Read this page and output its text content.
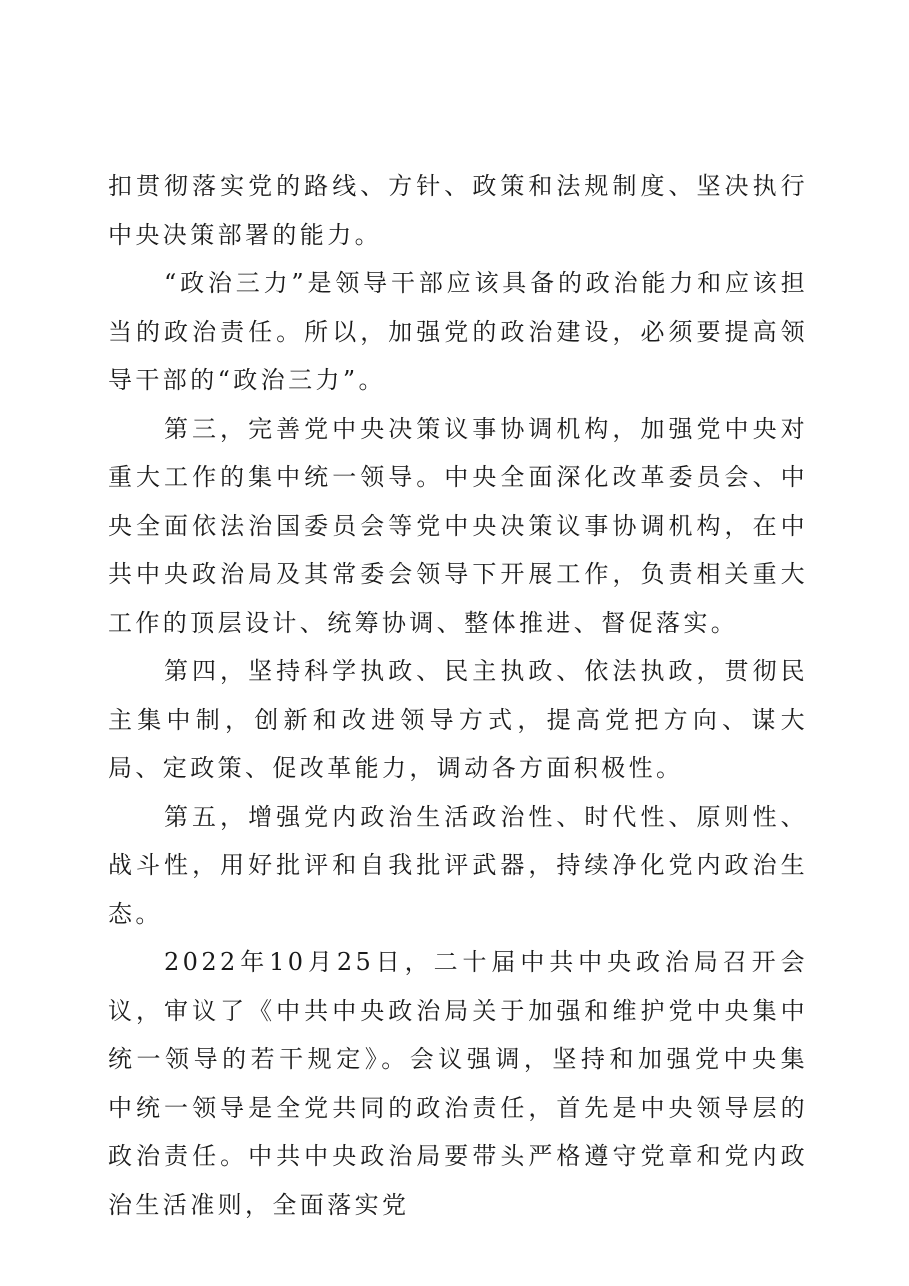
扣贯彻落实党的路线、方针、政策和法规制度、坚决执行中央决策部署的能力。

“政治三力”是领导干部应该具备的政治能力和应该担当的政治责任。所以，加强党的政治建设，必须要提高领导干部的“政治三力”。

第三，完善党中央决策议事协调机构，加强党中央对重大工作的集中统一领导。中央全面深化改革委员会、中央全面依法治国委员会等党中央决策议事协调机构，在中共中央政治局及其常委会领导下开展工作，负责相关重大工作的顶层设计、统筹协调、整体推进、督促落实。

第四，坚持科学执政、民主执政、依法执政，贯彻民主集中制，创新和改进领导方式，提高党把方向、谋大局、定政策、促改革能力，调动各方面积极性。

第五，增强党内政治生活政治性、时代性、原则性、战斗性，用好批评和自我批评武器，持续净化党内政治生态。

2022年10月25日，二十届中共中央政治局召开会议，审议了《中共中央政治局关于加强和维护党中央集中统一领导的若干规定》。会议强调，坚持和加强党中央集中统一领导是全党共同的政治责任，首先是中央领导层的政治责任。中共中央政治局要带头严格遵守党章和党内政治生活准则，全面落实党
